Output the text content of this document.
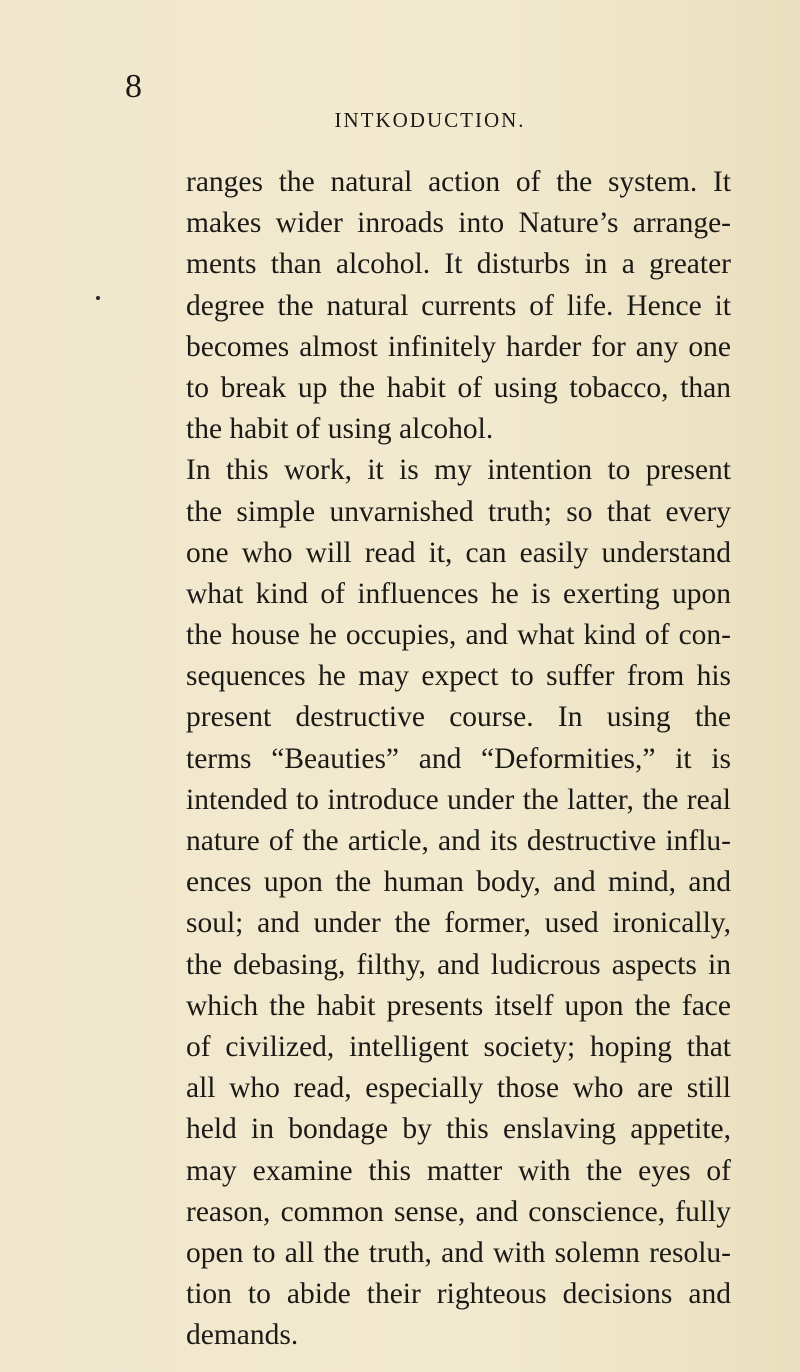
8
INTKODUCTION.
ranges the natural action of the system. It
makes wider inroads into Nature’s arrange-
ments than alcohol. It disturbs in a greater
degree the natural currents of life. Hence it
becomes almost infinitely harder for any one
to break up the habit of using tobacco, than
the habit of using alcohol.
In this work, it is my intention to present
the simple unvarnished truth; so that every
one who will read it, can easily understand
what kind of influences he is exerting upon
the house he occupies, and what kind of con-
sequences he may expect to suffer from his
present destructive course. In using the
terms “Beauties” and “Deformities,” it is
intended to introduce under the latter, the real
nature of the article, and its destructive influ-
ences upon the human body, and mind, and
soul; and under the former, used ironically,
the debasing, filthy, and ludicrous aspects in
which the habit presents itself upon the face
of civilized, intelligent society; hoping that
all who read, especially those who are still
held in bondage by this enslaving appetite,
may examine this matter with the eyes of
reason, common sense, and conscience, fully
open to all the truth, and with solemn resolu-
tion to abide their righteous decisions and
demands.
